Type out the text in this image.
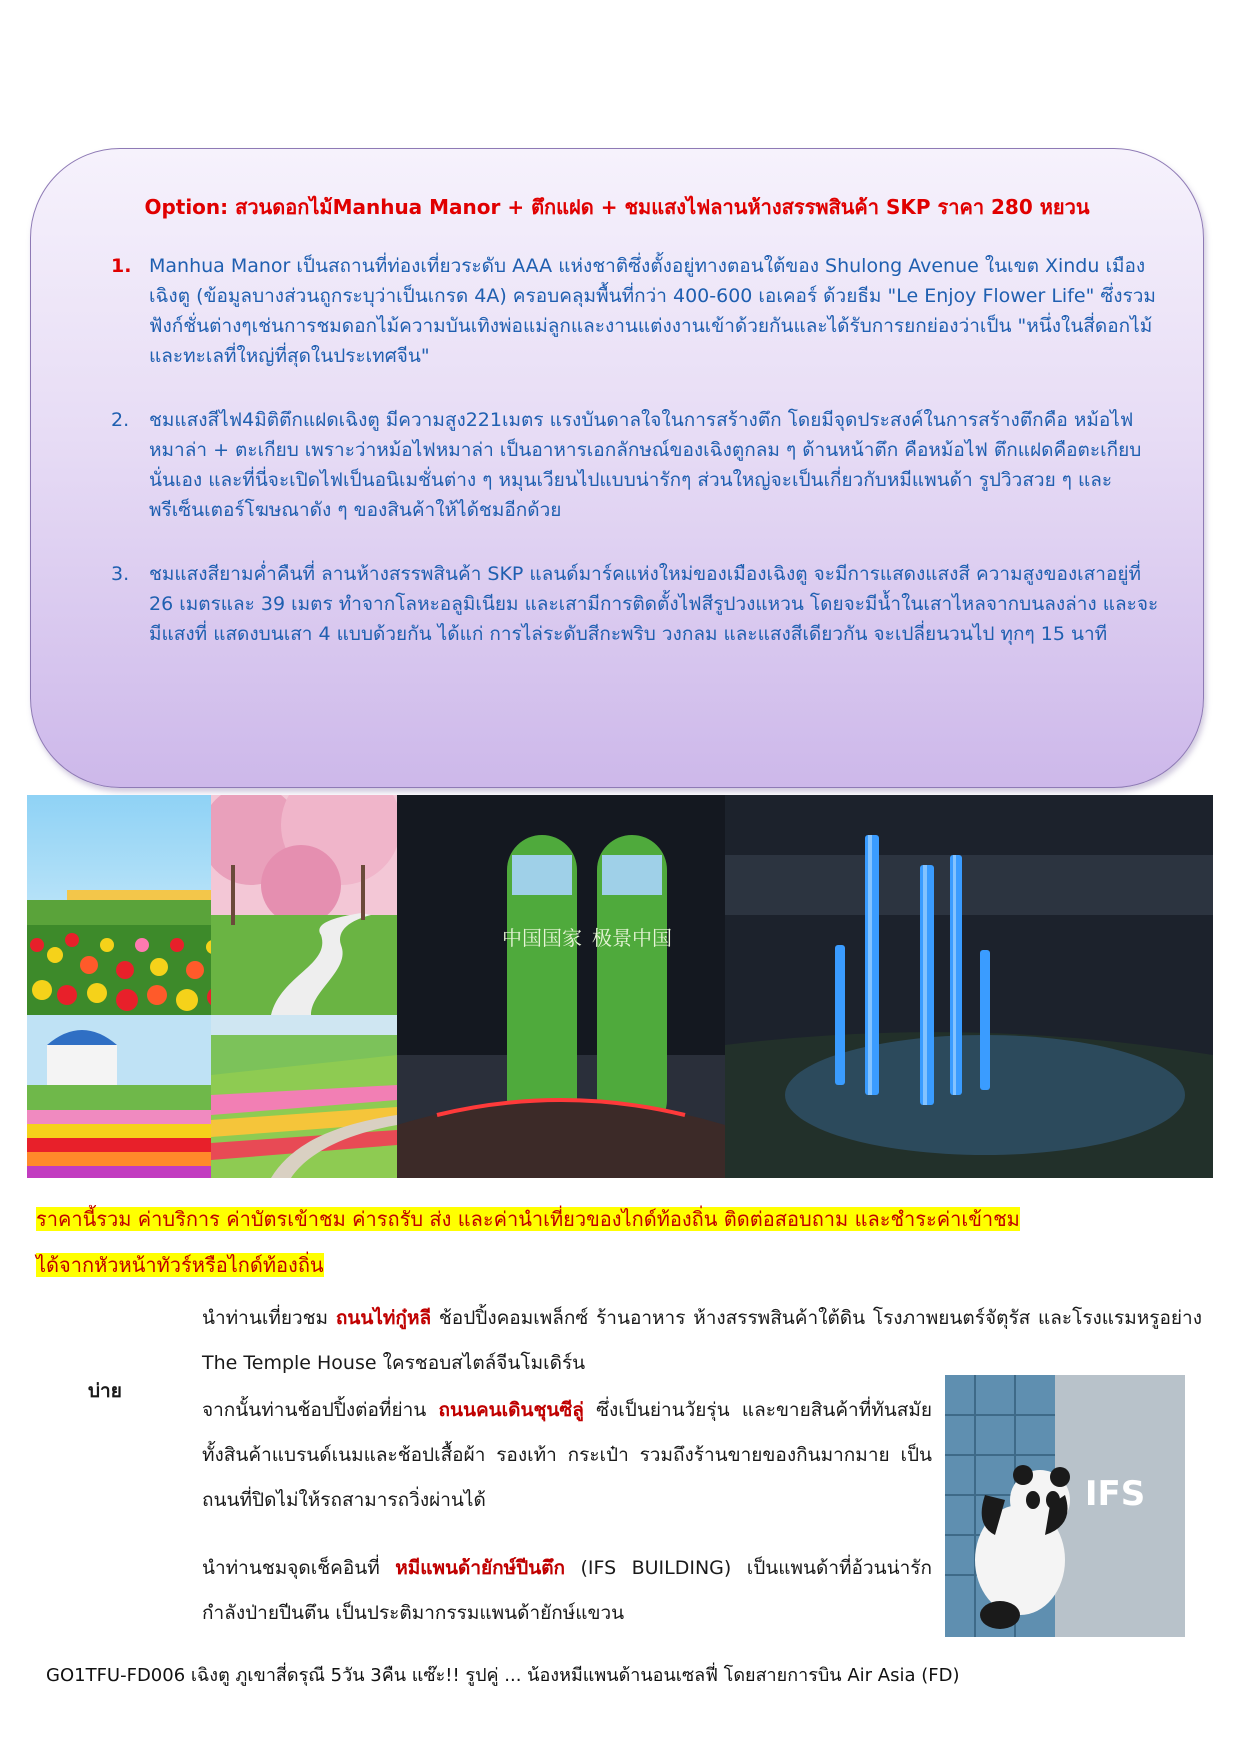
Option: สวนดอกไม้Manhua Manor + ตึกแฝด + ชมแสงไฟลานห้างสรรพสินค้า SKP ราคา 280 หยวน
1. Manhua Manor เป็นสถานที่ท่องเที่ยวระดับ AAA แห่งชาติซึ่งตั้งอยู่ทางตอนใต้ของ Shulong Avenue ในเขต Xindu เมืองเฉิงตู (ข้อมูลบางส่วนถูกระบุว่าเป็นเกรด 4A) ครอบคลุมพื้นที่กว่า 400-600 เอเคอร์ ด้วยธีม "Le Enjoy Flower Life" ซึ่งรวมฟังก์ชั่นต่างๆเช่นการชมดอกไม้ความบันเทิงพ่อแม่ลูกและงานแต่งงานเข้าด้วยกันและได้รับการยกย่องว่าเป็น "หนึ่งในสี่ดอกไม้และทะเลที่ใหญ่ที่สุดในประเทศจีน"
2.	ชมแสงสีไฟ4มิติตึกแฝดเฉิงตู มีความสูง221เมตร แรงบันดาลใจในการสร้างตึก โดยมีจุดประสงค์ในการสร้างตึกคือ หม้อไฟหมาล่า + ตะเกียบ เพราะว่าหม้อไฟหมาล่า เป็นอาหารเอกลักษณ์ของเฉิงตูกลม ๆ ด้านหน้าตึก คือหม้อไฟ ตึกแฝดคือตะเกียบนั่นเอง และที่นี่จะเปิดไฟเป็นอนิเมชั่นต่าง ๆ หมุนเวียนไปแบบน่ารักๆ ส่วนใหญ่จะเป็นเกี่ยวกับหมีแพนด้า รูปวิวสวย ๆ และพรีเซ็นเตอร์โฆษณาดัง ๆ ของสินค้าให้ได้ชมอีกด้วย
3.	ชมแสงสียามค่ำคืนที่ ลานห้างสรรพสินค้า SKP แลนด์มาร์คแห่งใหม่ของเมืองเฉิงตู จะมีการแสดงแสงสี ความสูงของเสาอยู่ที่ 26 เมตรและ 39 เมตร ทำจากโลหะอลูมิเนียม และเสามีการติดตั้งไฟสีรูปวงแหวน โดยจะมีน้ำในเสาไหลจากบนลงล่าง และจะมีแสงที่ แสดงบนเสา 4 แบบด้วยกัน ได้แก่ การไล่ระดับสีกะพริบ วงกลม และแสงสีเดียวกัน จะเปลี่ยนวนไป ทุกๆ 15 นาที
中国国家 极景中国
ราคานี้รวม ค่าบริการ ค่าบัตรเข้าชม ค่ารถรับ ส่ง และค่านำเที่ยวของไกด์ท้องถิ่น ติดต่อสอบถาม และชำระค่าเข้าชม
ได้จากหัวหน้าทัวร์หรือไกด์ท้องถิ่น
นำท่านเที่ยวชม ถนนไท่กู๋หลี ช้อปปิ้งคอมเพล็กซ์ ร้านอาหาร ห้างสรรพสินค้าใต้ดิน โรงภาพยนตร์จัตุรัส และโรงแรมหรูอย่าง The Temple House ใครชอบสไตล์จีนโมเดิร์น
บ่าย
จากนั้นท่านช้อปปิ้งต่อที่ย่าน ถนนคนเดินชุนซีลู่ ซึ่งเป็นย่านวัยรุ่น และขายสินค้าที่ทันสมัย ทั้งสินค้าแบรนด์เนมและช้อปเสื้อผ้า รองเท้า กระเป๋า รวมถึงร้านขายของกินมากมาย เป็นถนนที่ปิดไม่ให้รถสามารถวิ่งผ่านได้
นำท่านชมจุดเช็คอินที่ หมีแพนด้ายักษ์ปีนตึก (IFS BUILDING) เป็นแพนด้าที่อ้วนน่ารักกำลังป่ายปีนตึน เป็นประติมากรรมแพนด้ายักษ์แขวน
IFS
GO1TFU-FD006 เฉิงตู ภูเขาสี่ดรุณี 5วัน 3คืน แซ๊ะ!! รูปคู่ ... น้องหมีแพนด้านอนเซลฟี่ โดยสายการบิน Air Asia (FD)
